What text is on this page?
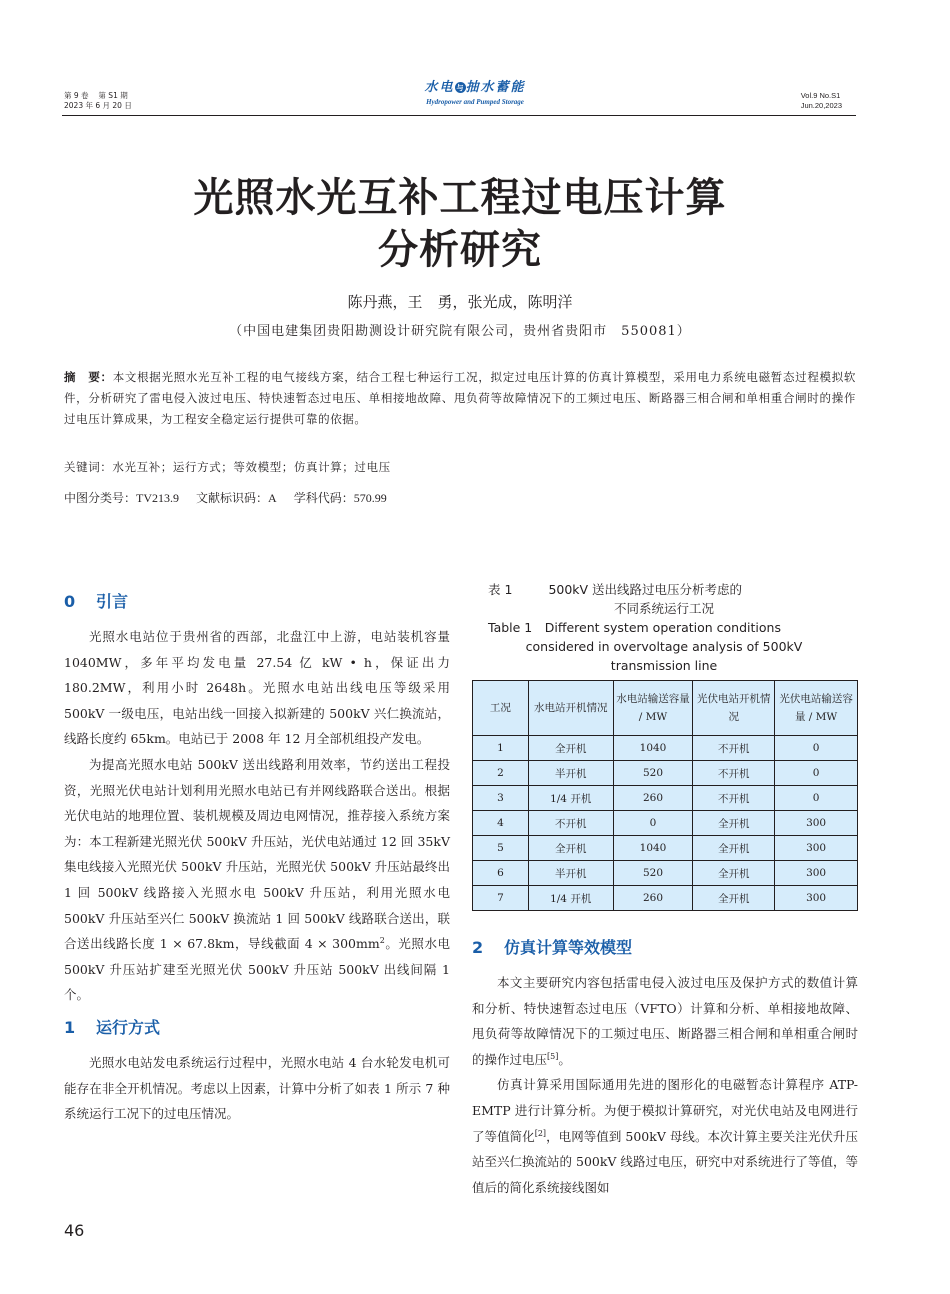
第 9 卷　 第 S1 期
2023 年 6 月 20 日
水电 与 抽水蓄能
Hydropower and Pumped Storage
Vol.9 No.S1
Jun.20,2023
光照水光互补工程过电压计算
分析研究
陈丹燕，王　勇，张光成，陈明洋
（中国电建集团贵阳勘测设计研究院有限公司，贵州省贵阳市　550081）
摘　要：本文根据光照水光互补工程的电气接线方案，结合工程七种运行工况，拟定过电压计算的仿真计算模型，采用电力系统电磁暂态过程模拟软件，分析研究了雷电侵入波过电压、特快速暂态过电压、单相接地故障、甩负荷等故障情况下的工频过电压、断路器三相合闸和单相重合闸时的操作过电压计算成果，为工程安全稳定运行提供可靠的依据。
关键词：水光互补；运行方式；等效模型；仿真计算；过电压
中图分类号：TV213.9 文献标识码：A 学科代码：570.99
0 引言

光照水电站位于贵州省的西部，北盘江中上游，电站装机容量 1040MW，多年平均发电量 27.54 亿 kW • h，保证出力 180.2MW，利用小时 2648h。光照水电站出线电压等级采用 500kV 一级电压，电站出线一回接入拟新建的 500kV 兴仁换流站，线路长度约 65km。电站已于 2008 年 12 月全部机组投产发电。

为提高光照水电站 500kV 送出线路利用效率，节约送出工程投资，光照光伏电站计划利用光照水电站已有并网线路联合送出。根据光伏电站的地理位置、装机规模及周边电网情况，推荐接入系统方案为：本工程新建光照光伏 500kV 升压站，光伏电站通过 12 回 35kV 集电线接入光照光伏 500kV 升压站，光照光伏 500kV 升压站最终出 1 回 500kV 线路接入光照水电 500kV 升压站，利用光照水电 500kV 升压站至兴仁 500kV 换流站 1 回 500kV 线路联合送出，联合送出线路长度 1 × 67.8km，导线截面 $4 \times 300mm^2$。光照水电 500kV 升压站扩建至光照光伏 500kV 升压站 500kV 出线间隔 1 个。

1 运行方式

光照水电站发电系统运行过程中，光照水电站 4 台水轮发电机可能存在非全开机情况。考虑以上因素，计算中分析了如表 1 所示 7 种系统运行工况下的过电压情况。

表 1	500kV 送出线路过电压分析考虑的
不同系统运行工况
Table 1　Different system operation conditions
considered in overvoltage analysis of 500kV
transmission line
工况	水电站开机情况	水电站输送容量 / MW	光伏电站开机情况	光伏电站输送容量 / MW
1	全开机	1040	不开机	0
2	半开机	520	不开机	0
3	1/4 开机	260	不开机	0
4	不开机	0	全开机	300
5	全开机	1040	全开机	300
6	半开机	520	全开机	300
7	1/4 开机	260	全开机	300
2 仿真计算等效模型

本文主要研究内容包括雷电侵入波过电压及保护方式的数值计算和分析、特快速暂态过电压（VFTO）计算和分析、单相接地故障、甩负荷等故障情况下的工频过电压、断路器三相合闸和单相重合闸时的操作过电压[5]。

仿真计算采用国际通用先进的图形化的电磁暂态计算程序 ATP-EMTP 进行计算分析。为便于模拟计算研究，对光伏电站及电网进行了等值简化[2]，电网等值到 500kV 母线。本次计算主要关注光伏升压站至兴仁换流站的 500kV 线路过电压，研究中对系统进行了等值，等值后的简化系统接线图如

46
